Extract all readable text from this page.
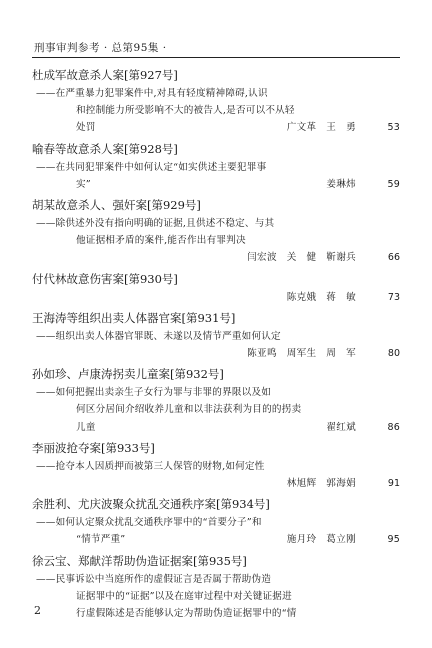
刑事审判参考 · 总第95集 ·
杜成军故意杀人案[第927号]
——在严重暴力犯罪案件中,对具有轻度精神障碍,认识
和控制能力所受影响不大的被告人,是否可以不从轻
处罚	广文革　王　勇	53
喻春等故意杀人案[第928号]
——在共同犯罪案件中如何认定“如实供述主要犯罪事
实”	姜琳炜	59
胡某故意杀人、强奸案[第929号]
——除供述外没有指向明确的证据,且供述不稳定、与其
他证据相矛盾的案件,能否作出有罪判决
闫宏波　关　健　靳谢兵	66
付代林故意伤害案[第930号]
陈克娥　蒋　敏	73
王海涛等组织出卖人体器官案[第931号]
——组织出卖人体器官罪既、未遂以及情节严重如何认定
陈亚鸣　周军生　周　军	80
孙如珍、卢康涛拐卖儿童案[第932号]
——如何把握出卖亲生子女行为罪与非罪的界限以及如
何区分居间介绍收养儿童和以非法获利为目的的拐卖
儿童	翟红斌	86
李丽波抢夺案[第933号]
——抢夺本人因质押而被第三人保管的财物,如何定性
林旭辉　郭海娟	91
余胜利、尤庆波聚众扰乱交通秩序案[第934号]
——如何认定聚众扰乱交通秩序罪中的“首要分子”和
“情节严重”	施月玲　葛立刚	95
徐云宝、郑献洋帮助伪造证据案[第935号]
——民事诉讼中当庭所作的虚假证言是否属于帮助伪造
证据罪中的“证据”以及在庭审过程中对关键证据进
行虚假陈述是否能够认定为帮助伪造证据罪中的“情
2
